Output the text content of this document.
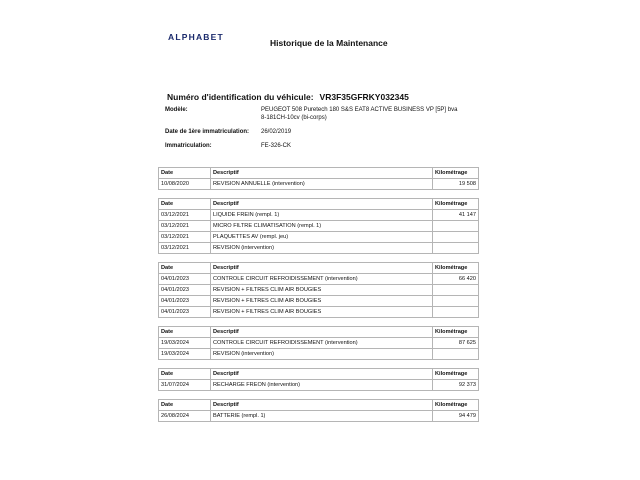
ALPHABET
Historique de la Maintenance
Numéro d'identification du véhicule: VR3F35GFRKY032345
Modèle:	PEUGEOT 508 Puretech 180 S&S EAT8 ACTIVE BUSINESS VP [5P] bva
8-181CH-10cv (bi-corps)
Date de 1ère immatriculation:	26/02/2019
Immatriculation:	FE-326-CK
Date	Descriptif	Kilométrage
10/08/2020	REVISION ANNUELLE (intervention)	19 508
Date	Descriptif	Kilométrage
03/12/2021	LIQUIDE FREIN (rempl. 1)	41 147
03/12/2021	MICRO FILTRE CLIMATISATION (rempl. 1)	
03/12/2021	PLAQUETTES AV (rempl. jeu)	
03/12/2021	REVISION (intervention)	
Date	Descriptif	Kilométrage
04/01/2023	CONTROLE CIRCUIT REFROIDISSEMENT (intervention)	66 420
04/01/2023	REVISION + FILTRES CLIM AIR BOUGIES	
04/01/2023	REVISION + FILTRES CLIM AIR BOUGIES	
04/01/2023	REVISION + FILTRES CLIM AIR BOUGIES	
Date	Descriptif	Kilométrage
19/03/2024	CONTROLE CIRCUIT REFROIDISSEMENT (intervention)	87 625
19/03/2024	REVISION (intervention)	
Date	Descriptif	Kilométrage
31/07/2024	RECHARGE FREON (intervention)	92 373
Date	Descriptif	Kilométrage
26/08/2024	BATTERIE (rempl. 1)	94 479
